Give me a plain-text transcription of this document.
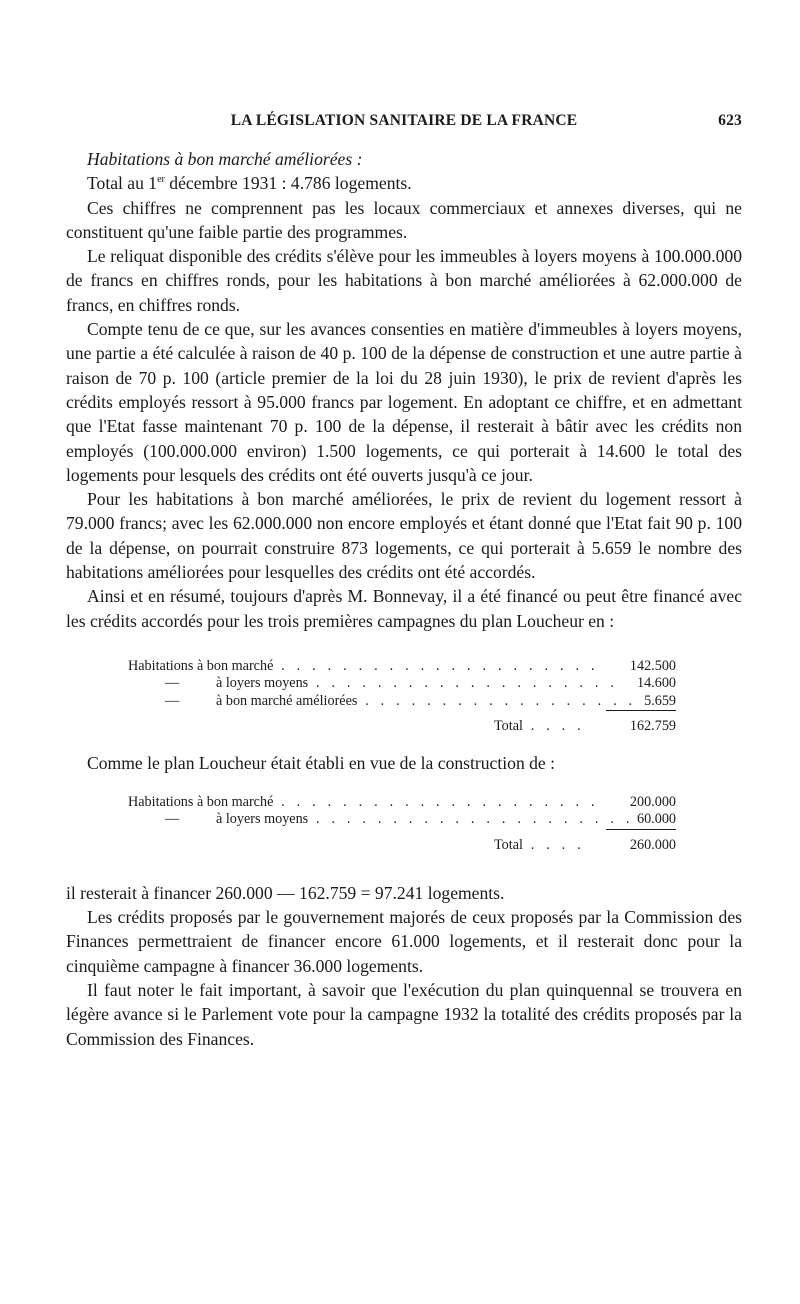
LA LÉGISLATION SANITAIRE DE LA FRANCE	623

Habitations à bon marché améliorées :

Total au 1er décembre 1931 : 4.786 logements.

Ces chiffres ne comprennent pas les locaux commerciaux et annexes diverses, qui ne constituent qu'une faible partie des programmes.

Le reliquat disponible des crédits s'élève pour les immeubles à loyers moyens à 100.000.000 de francs en chiffres ronds, pour les habitations à bon marché améliorées à 62.000.000 de francs, en chiffres ronds.

Compte tenu de ce que, sur les avances consenties en matière d'immeubles à loyers moyens, une partie a été calculée à raison de 40 p. 100 de la dépense de construction et une autre partie à raison de 70 p. 100 (article premier de la loi du 28 juin 1930), le prix de revient d'après les crédits employés ressort à 95.000 francs par logement. En adoptant ce chiffre, et en admettant que l'Etat fasse maintenant 70 p. 100 de la dépense, il resterait à bâtir avec les crédits non employés (100.000.000 environ) 1.500 logements, ce qui porterait à 14.600 le total des logements pour lesquels des crédits ont été ouverts jusqu'à ce jour.

Pour les habitations à bon marché améliorées, le prix de revient du logement ressort à 79.000 francs; avec les 62.000.000 non encore employés et étant donné que l'Etat fait 90 p. 100 de la dépense, on pourrait construire 873 logements, ce qui porterait à 5.659 le nombre des habitations améliorées pour lesquelles des crédits ont été accordés.

Ainsi et en résumé, toujours d'après M. Bonnevay, il a été financé ou peut être financé avec les crédits accordés pour les trois premières campagnes du plan Loucheur en :

Habitations à bon marché . . . . . . . . . . . . . . . . . . . . .	142.500
—	à loyers moyens . . . . . . . . . . . . . . . . . . . .	14.600
—	à bon marché améliorées . . . . . . . . . . . . . . . . . . 5.659
Total . . . .	162.759

Comme le plan Loucheur était établi en vue de la construction de :

Habitations à bon marché . . . . . . . . . . . . . . . . . . . . .	200.000
—	à loyers moyens . . . . . . . . . . . . . . . . . . . . . 60.000
Total . . . .	260.000

il resterait à financer 260.000 — 162.759 = 97.241 logements.

Les crédits proposés par le gouvernement majorés de ceux proposés par la Commission des Finances permettraient de financer encore 61.000 logements, et il resterait donc pour la cinquième campagne à financer 36.000 logements.

Il faut noter le fait important, à savoir que l'exécution du plan quinquennal se trouvera en légère avance si le Parlement vote pour la campagne 1932 la totalité des crédits proposés par la Commission des Finances.
